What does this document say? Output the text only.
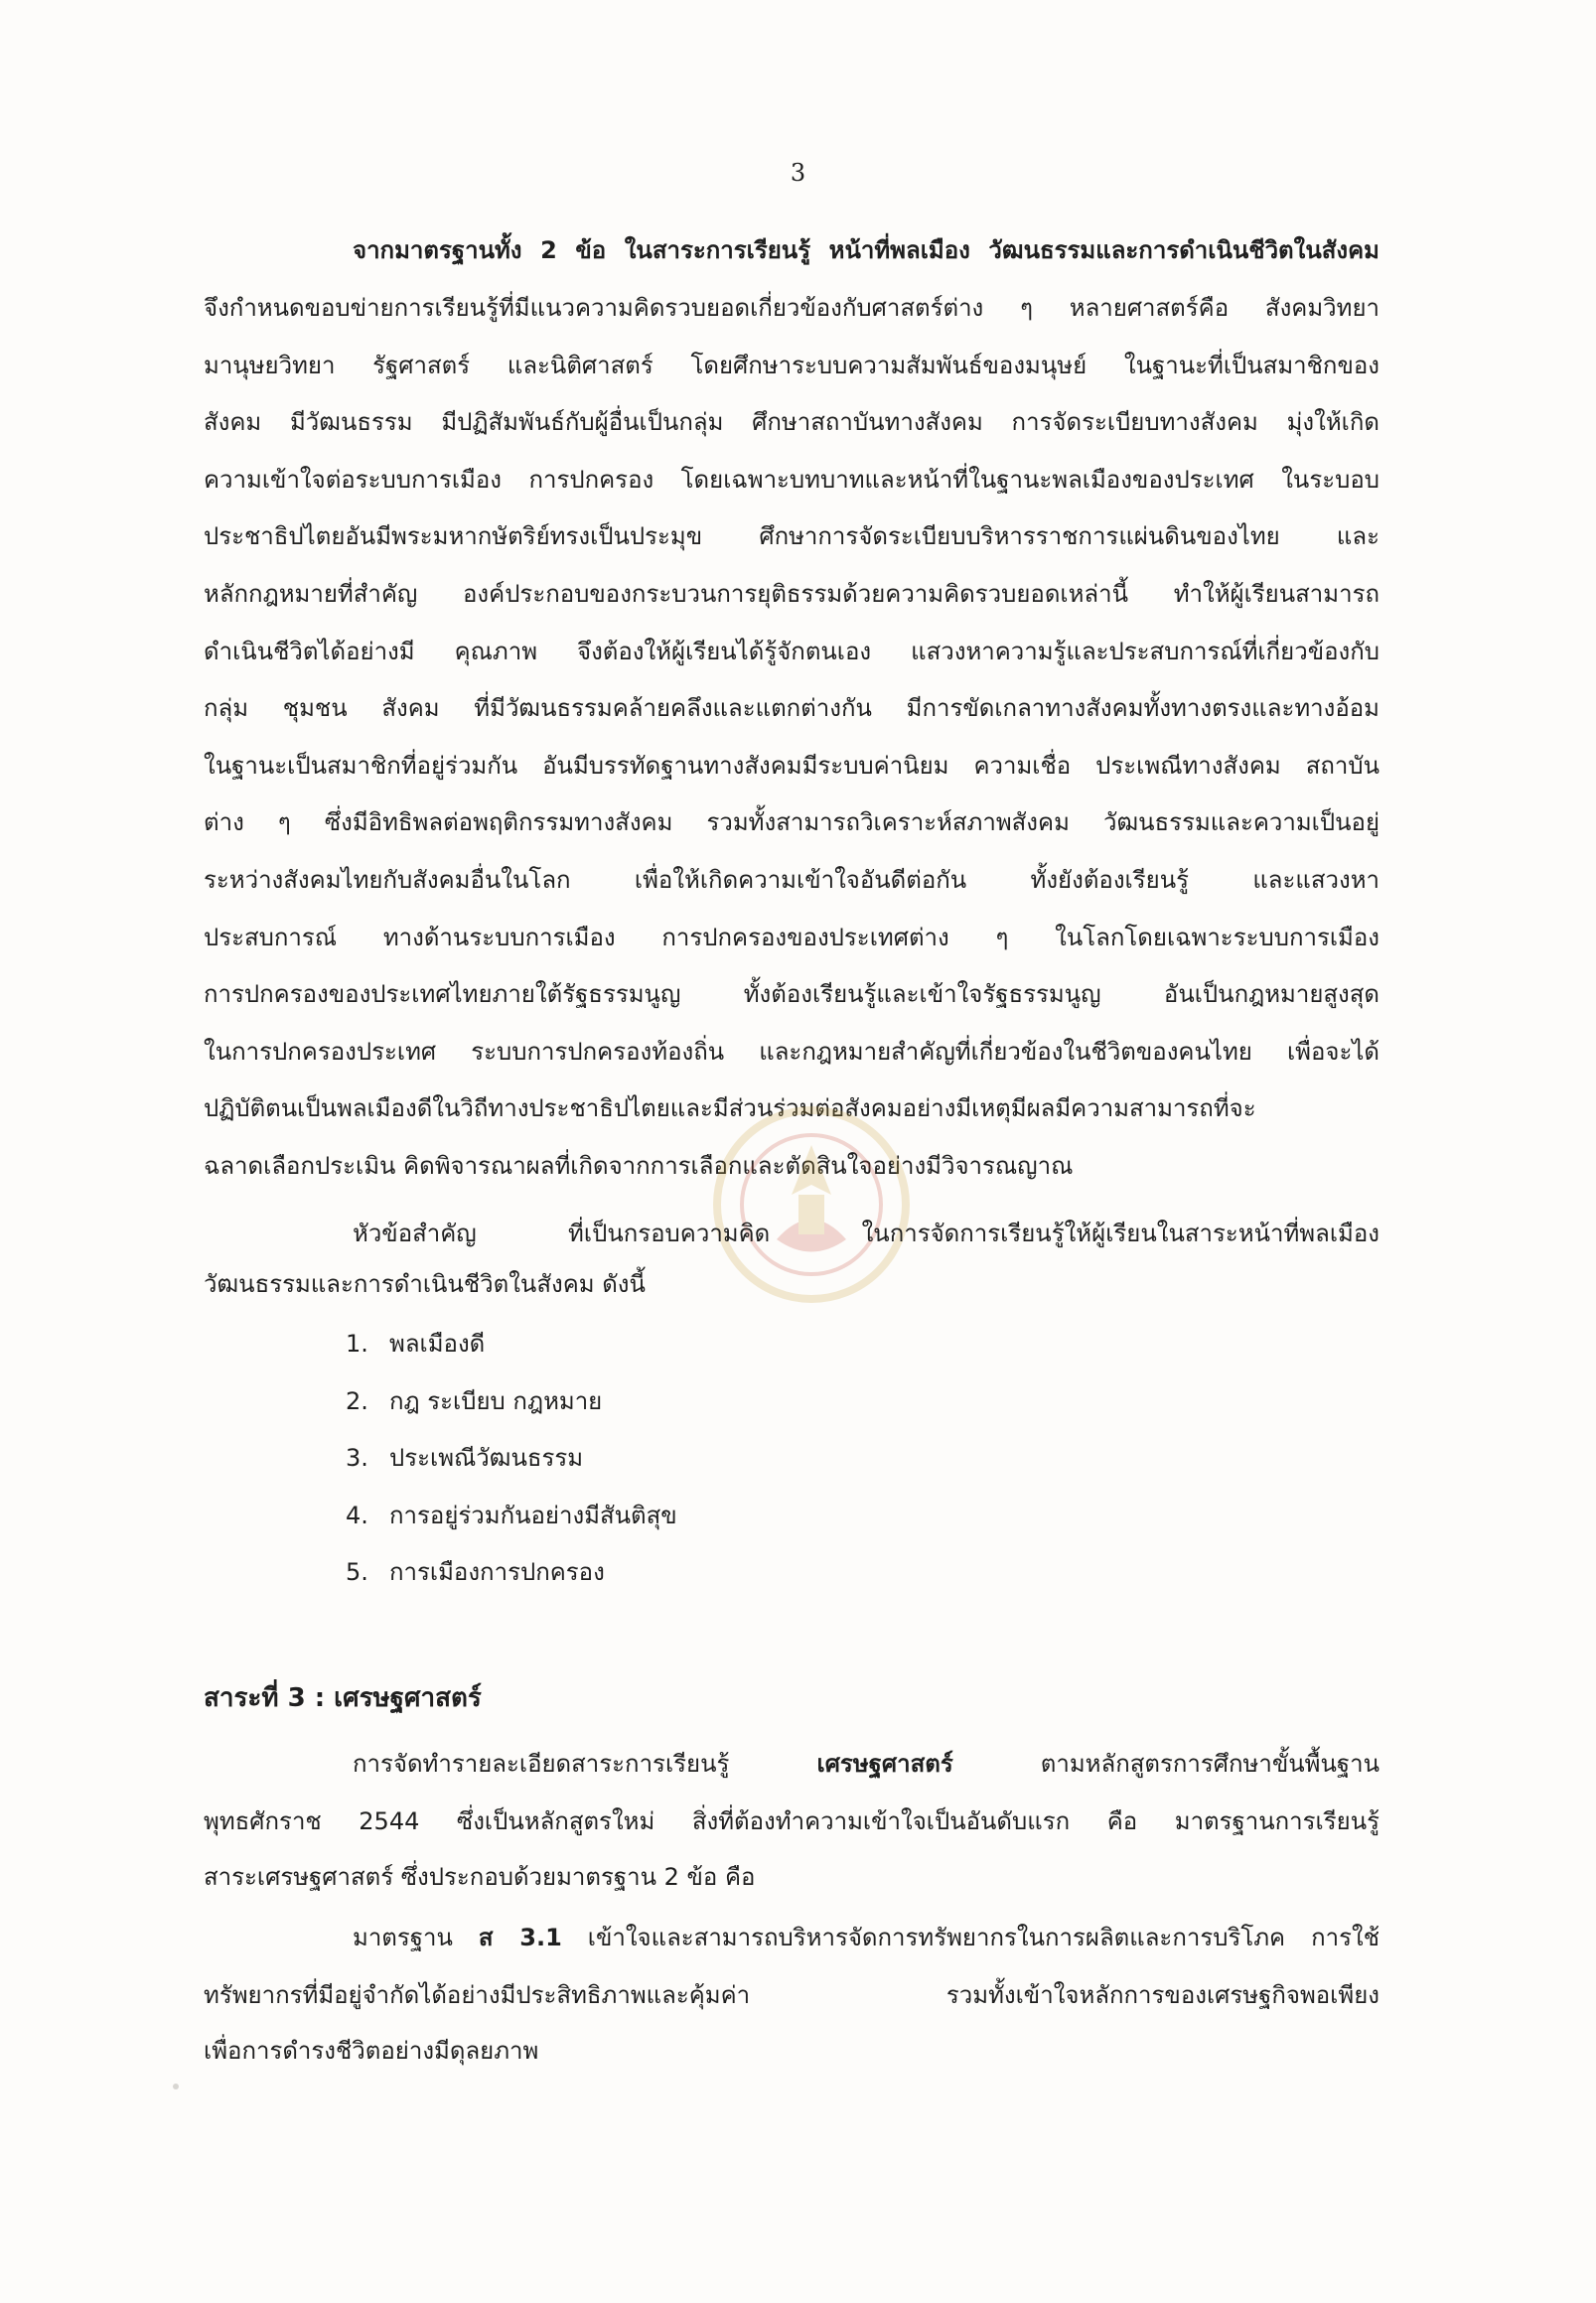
3
จากมาตรฐานทั้ง 2 ข้อ ในสาระการเรียนรู้ หน้าที่พลเมือง วัฒนธรรมและการดำเนินชีวิตในสังคม
จึงกำหนดขอบข่ายการเรียนรู้ที่มีแนวความคิดรวบยอดเกี่ยวข้องกับศาสตร์ต่าง ๆ หลายศาสตร์คือ สังคมวิทยา
มานุษยวิทยา รัฐศาสตร์ และนิติศาสตร์ โดยศึกษาระบบความสัมพันธ์ของมนุษย์ ในฐานะที่เป็นสมาชิกของ
สังคม มีวัฒนธรรม มีปฏิสัมพันธ์กับผู้อื่นเป็นกลุ่ม ศึกษาสถาบันทางสังคม การจัดระเบียบทางสังคม มุ่งให้เกิด
ความเข้าใจต่อระบบการเมือง การปกครอง โดยเฉพาะบทบาทและหน้าที่ในฐานะพลเมืองของประเทศ ในระบอบ
ประชาธิปไตยอันมีพระมหากษัตริย์ทรงเป็นประมุข ศึกษาการจัดระเบียบบริหารราชการแผ่นดินของไทย และ
หลักกฎหมายที่สำคัญ องค์ประกอบของกระบวนการยุติธรรมด้วยความคิดรวบยอดเหล่านี้ ทำให้ผู้เรียนสามารถ
ดำเนินชีวิตได้อย่างมี คุณภาพ จึงต้องให้ผู้เรียนได้รู้จักตนเอง แสวงหาความรู้และประสบการณ์ที่เกี่ยวข้องกับ
กลุ่ม ชุมชน สังคม ที่มีวัฒนธรรมคล้ายคลึงและแตกต่างกัน มีการขัดเกลาทางสังคมทั้งทางตรงและทางอ้อม
ในฐานะเป็นสมาชิกที่อยู่ร่วมกัน อันมีบรรทัดฐานทางสังคมมีระบบค่านิยม ความเชื่อ ประเพณีทางสังคม สถาบัน
ต่าง ๆ ซึ่งมีอิทธิพลต่อพฤติกรรมทางสังคม รวมทั้งสามารถวิเคราะห์สภาพสังคม วัฒนธรรมและความเป็นอยู่
ระหว่างสังคมไทยกับสังคมอื่นในโลก เพื่อให้เกิดความเข้าใจอันดีต่อกัน ทั้งยังต้องเรียนรู้ และแสวงหา
ประสบการณ์ ทางด้านระบบการเมือง การปกครองของประเทศต่าง ๆ ในโลกโดยเฉพาะระบบการเมือง
การปกครองของประเทศไทยภายใต้รัฐธรรมนูญ ทั้งต้องเรียนรู้และเข้าใจรัฐธรรมนูญ อันเป็นกฎหมายสูงสุด
ในการปกครองประเทศ ระบบการปกครองท้องถิ่น และกฎหมายสำคัญที่เกี่ยวข้องในชีวิตของคนไทย เพื่อจะได้
ปฏิบัติตนเป็นพลเมืองดีในวิถีทางประชาธิปไตยและมีส่วนร่วมต่อสังคมอย่างมีเหตุมีผลมีความสามารถที่จะ
ฉลาดเลือกประเมิน คิดพิจารณาผลที่เกิดจากการเลือกและตัดสินใจอย่างมีวิจารณญาณ
หัวข้อสำคัญ ที่เป็นกรอบความคิด ในการจัดการเรียนรู้ให้ผู้เรียนในสาระหน้าที่พลเมือง
วัฒนธรรมและการดำเนินชีวิตในสังคม ดังนี้
1. พลเมืองดี
2. กฎ ระเบียบ กฎหมาย
3. ประเพณีวัฒนธรรม
4. การอยู่ร่วมกันอย่างมีสันติสุข
5. การเมืองการปกครอง
สาระที่ 3 : เศรษฐศาสตร์
การจัดทำรายละเอียดสาระการเรียนรู้ เศรษฐศาสตร์ ตามหลักสูตรการศึกษาขั้นพื้นฐาน
พุทธศักราช 2544 ซึ่งเป็นหลักสูตรใหม่ สิ่งที่ต้องทำความเข้าใจเป็นอันดับแรก คือ มาตรฐานการเรียนรู้
สาระเศรษฐศาสตร์ ซึ่งประกอบด้วยมาตรฐาน 2 ข้อ คือ
มาตรฐาน ส 3.1 เข้าใจและสามารถบริหารจัดการทรัพยากรในการผลิตและการบริโภค การใช้
ทรัพยากรที่มีอยู่จำกัดได้อย่างมีประสิทธิภาพและคุ้มค่า รวมทั้งเข้าใจหลักการของเศรษฐกิจพอเพียง
เพื่อการดำรงชีวิตอย่างมีดุลยภาพ
